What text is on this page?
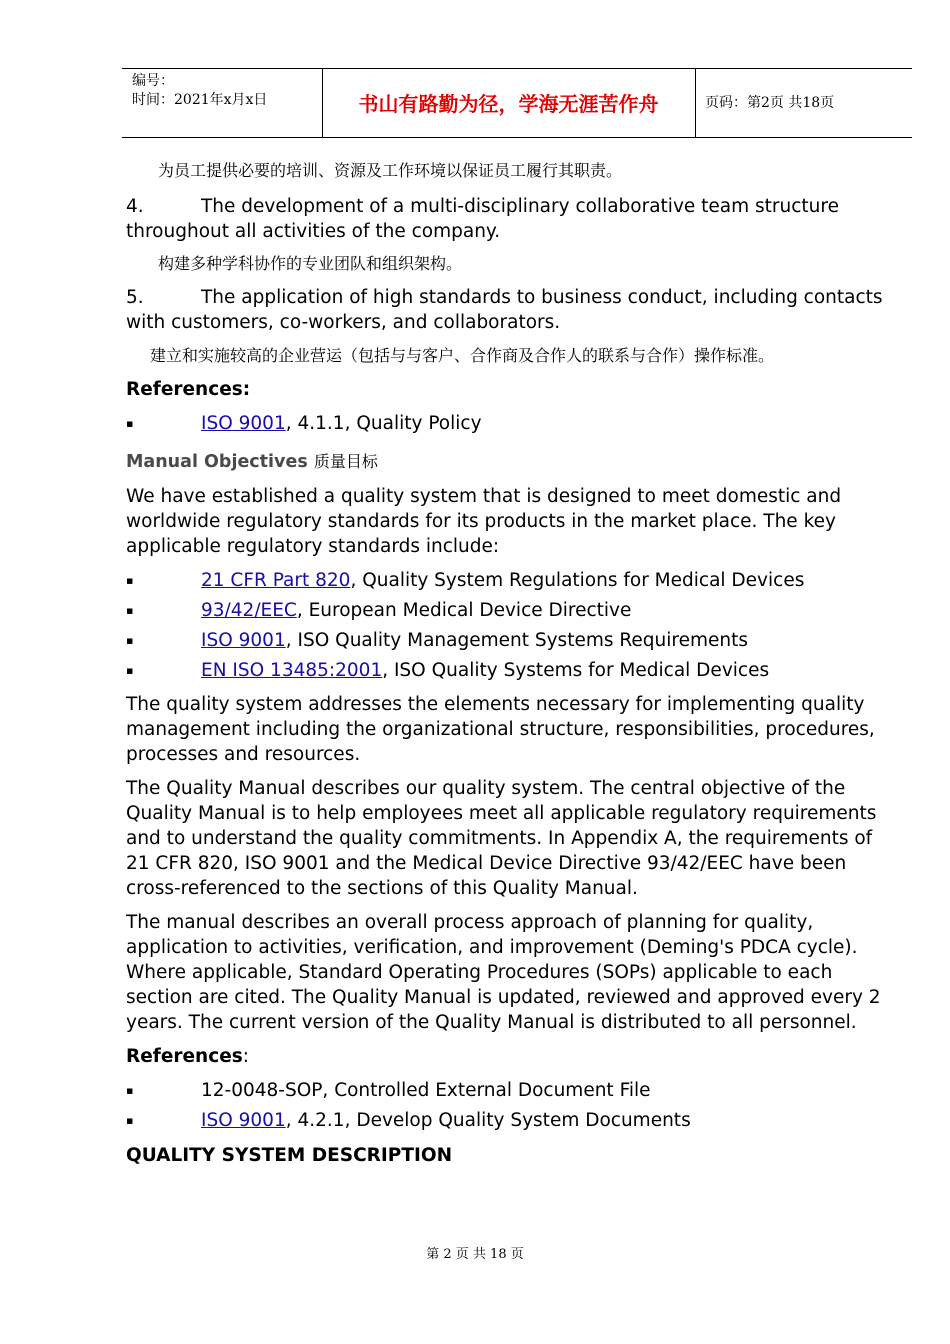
编号：
时间：2021年x月x日	书山有路勤为径，学海无涯苦作舟	页码：第2页 共18页

为员工提供必要的培训、资源及工作环境以保证员工履行其职责。

4.	The development of a multi-disciplinary collaborative team structure throughout all activities of the company.

构建多种学科协作的专业团队和组织架构。

5.	The application of high standards to business conduct, including contacts with customers, co-workers, and collaborators.

建立和实施较高的企业营运（包括与与客户、合作商及合作人的联系与合作）操作标准。

References:

▪	ISO 9001, 4.1.1, Quality Policy

Manual Objectives 质量目标

We have established a quality system that is designed to meet domestic and worldwide regulatory standards for its products in the market place. The key applicable regulatory standards include:

▪	21 CFR Part 820, Quality System Regulations for Medical Devices
▪	93/42/EEC, European Medical Device Directive
▪	ISO 9001, ISO Quality Management Systems Requirements
▪	EN ISO 13485:2001, ISO Quality Systems for Medical Devices

The quality system addresses the elements necessary for implementing quality management including the organizational structure, responsibilities, procedures, processes and resources.

The Quality Manual describes our quality system. The central objective of the Quality Manual is to help employees meet all applicable regulatory requirements and to understand the quality commitments. In Appendix A, the requirements of 21 CFR 820, ISO 9001 and the Medical Device Directive 93/42/EEC have been cross-referenced to the sections of this Quality Manual.

The manual describes an overall process approach of planning for quality, application to activities, verification, and improvement (Deming's PDCA cycle). Where applicable, Standard Operating Procedures (SOPs) applicable to each section are cited. The Quality Manual is updated, reviewed and approved every 2 years. The current version of the Quality Manual is distributed to all personnel.

References:

▪	12-0048-SOP, Controlled External Document File
▪	ISO 9001, 4.2.1, Develop Quality System Documents

QUALITY SYSTEM DESCRIPTION

第 2 页 共 18 页
